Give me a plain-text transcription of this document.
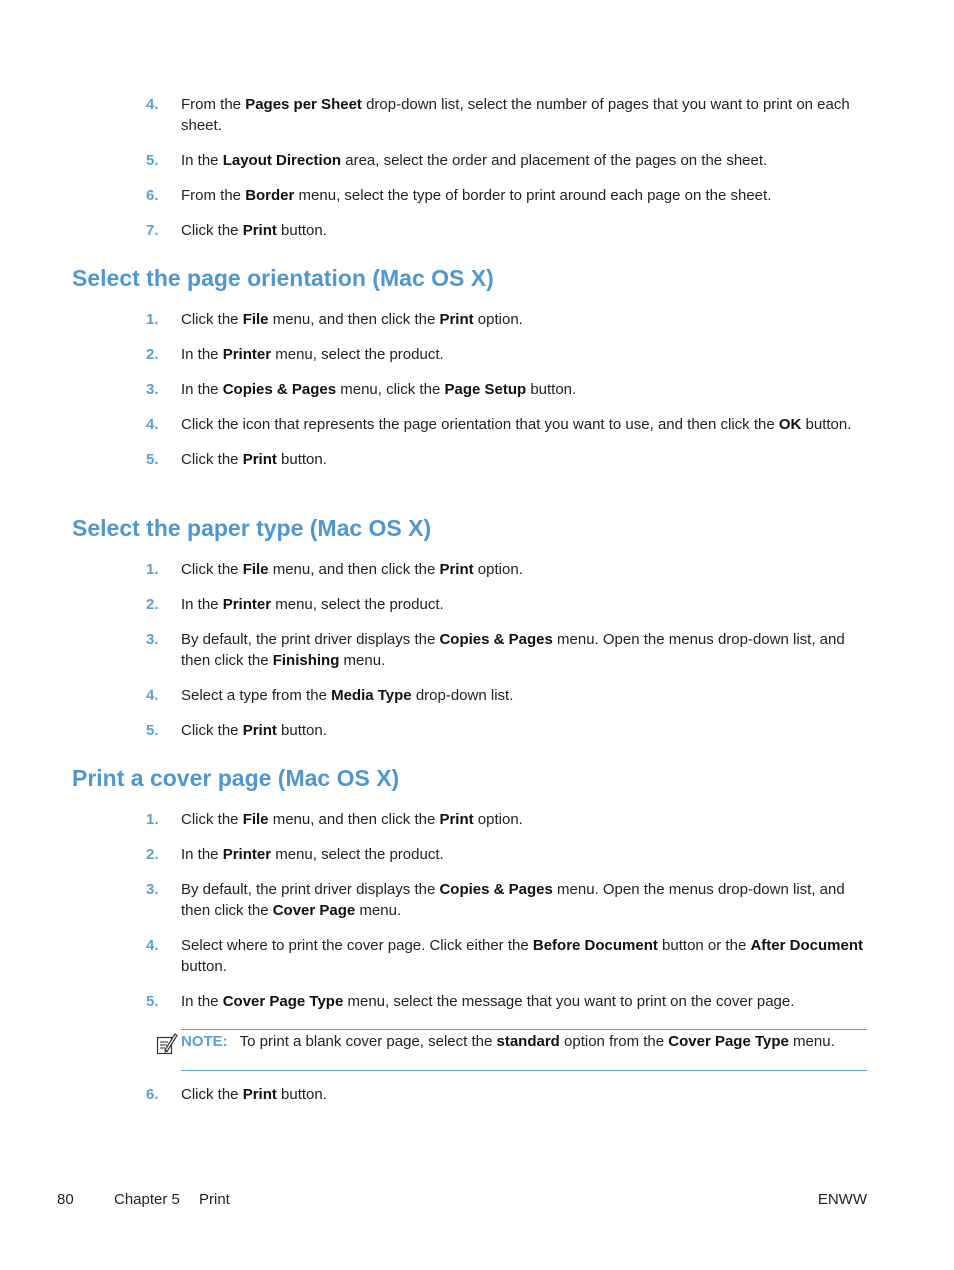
4. From the Pages per Sheet drop-down list, select the number of pages that you want to print on each sheet.
5. In the Layout Direction area, select the order and placement of the pages on the sheet.
6. From the Border menu, select the type of border to print around each page on the sheet.
7. Click the Print button.
Select the page orientation (Mac OS X)
1. Click the File menu, and then click the Print option.
2. In the Printer menu, select the product.
3. In the Copies & Pages menu, click the Page Setup button.
4. Click the icon that represents the page orientation that you want to use, and then click the OK button.
5. Click the Print button.
Select the paper type (Mac OS X)
1. Click the File menu, and then click the Print option.
2. In the Printer menu, select the product.
3. By default, the print driver displays the Copies & Pages menu. Open the menus drop-down list, and then click the Finishing menu.
4. Select a type from the Media Type drop-down list.
5. Click the Print button.
Print a cover page (Mac OS X)
1. Click the File menu, and then click the Print option.
2. In the Printer menu, select the product.
3. By default, the print driver displays the Copies & Pages menu. Open the menus drop-down list, and then click the Cover Page menu.
4. Select where to print the cover page. Click either the Before Document button or the After Document button.
5. In the Cover Page Type menu, select the message that you want to print on the cover page.
NOTE: To print a blank cover page, select the standard option from the Cover Page Type menu.
6. Click the Print button.
80	Chapter 5 Print	ENWW
